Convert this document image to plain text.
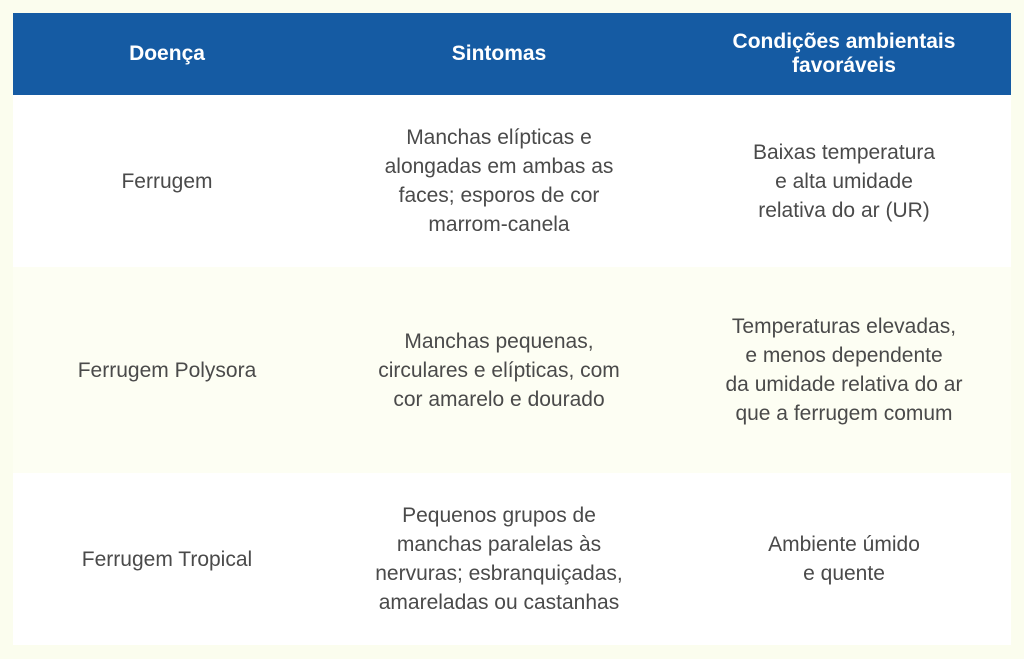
Doença	Sintomas
Condições ambientais
favoráveis
Ferrugem
Manchas elípticas e
alongadas em ambas as
faces; esporos de cor
marrom-canela
Baixas temperatura
e alta umidade
relativa do ar (UR)
Ferrugem Polysora
Manchas pequenas,
circulares e elípticas, com
cor amarelo e dourado
Temperaturas elevadas,
e menos dependente
da umidade relativa do ar
que a ferrugem comum
Ferrugem Tropical
Pequenos grupos de
manchas paralelas às
nervuras; esbranquiçadas,
amareladas ou castanhas
Ambiente úmido
e quente
